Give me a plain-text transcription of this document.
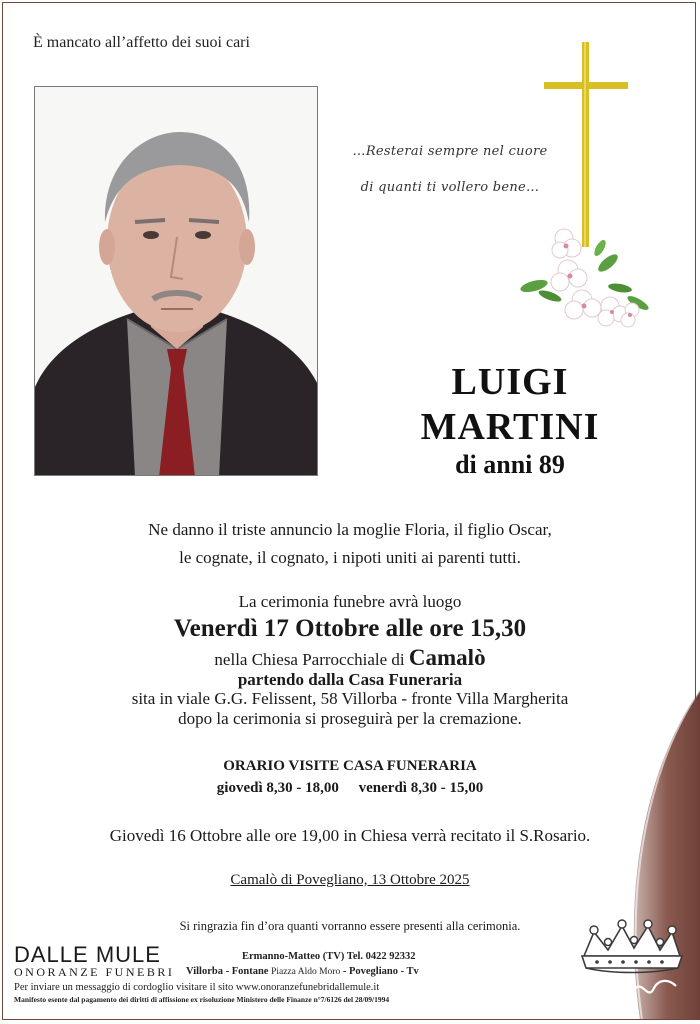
È mancato all’affetto dei suoi cari
…Resterai sempre nel cuore
di quanti ti vollero bene…
LUIGI
MARTINI
di anni 89
Ne danno il triste annuncio la moglie Floria, il figlio Oscar,
le cognate, il cognato, i nipoti uniti ai parenti tutti.
La cerimonia funebre avrà luogo
Venerdì 17 Ottobre alle ore 15,30
nella Chiesa Parrocchiale di Camalò
partendo dalla Casa Funeraria
sita in viale G.G. Felissent, 58 Villorba - fronte Villa Margherita
dopo la cerimonia si proseguirà per la cremazione.
ORARIO VISITE CASA FUNERARIA
giovedì 8,30 - 18,00 venerdì 8,30 - 15,00
Giovedì 16 Ottobre alle ore 19,00 in Chiesa verrà recitato il S.Rosario.
Camalò di Povegliano, 13 Ottobre 2025
Si ringrazia fin d’ora quanti vorranno essere presenti alla cerimonia.
DALLE MULE
ONORANZE FUNEBRI
Ermanno-Matteo (TV) Tel. 0422 92332
Villorba - Fontane Piazza Aldo Moro - Povegliano - Tv
Per inviare un messaggio di cordoglio visitare il sito www.onoranzefunebridallemule.it
Manifesto esente dal pagamento dei diritti di affissione ex risoluzione Ministero delle Finanze n°7/6126 del 28/09/1994
